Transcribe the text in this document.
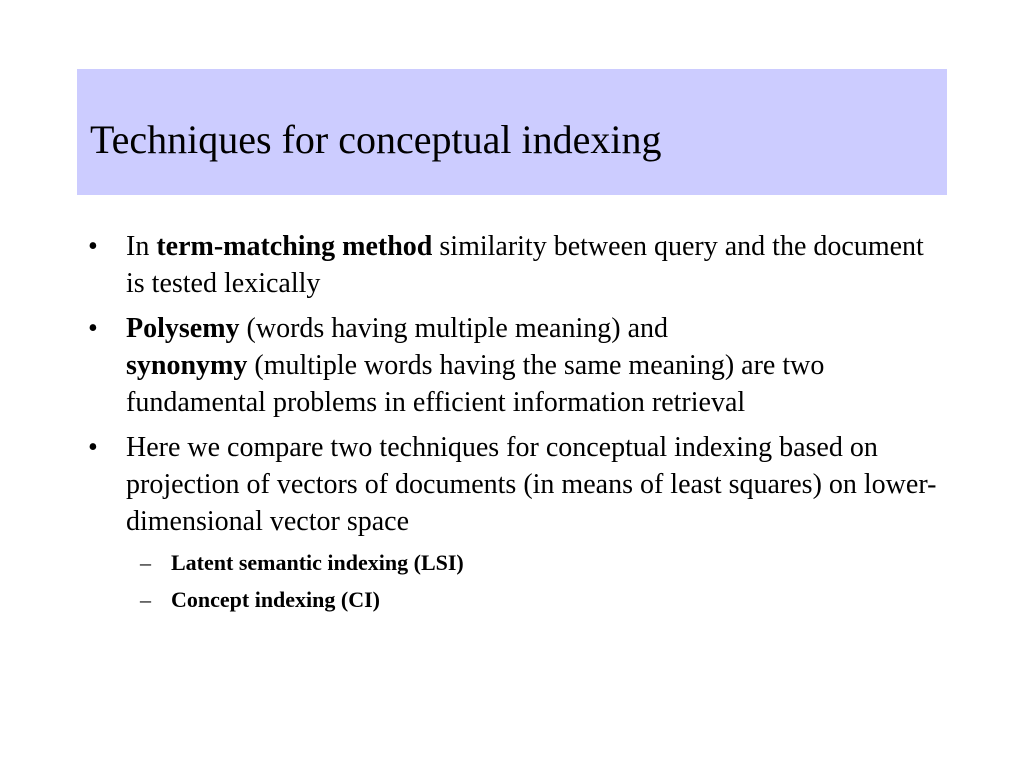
Techniques for conceptual indexing
• In term-matching method similarity between query and the document is tested lexically
• Polysemy (words having multiple meaning) and
synonymy (multiple words having the same meaning) are two fundamental problems in efficient information retrieval
• Here we compare two techniques for conceptual indexing based on projection of vectors of documents (in means of least squares) on lower-dimensional vector space
– Latent semantic indexing (LSI)
– Concept indexing (CI)
